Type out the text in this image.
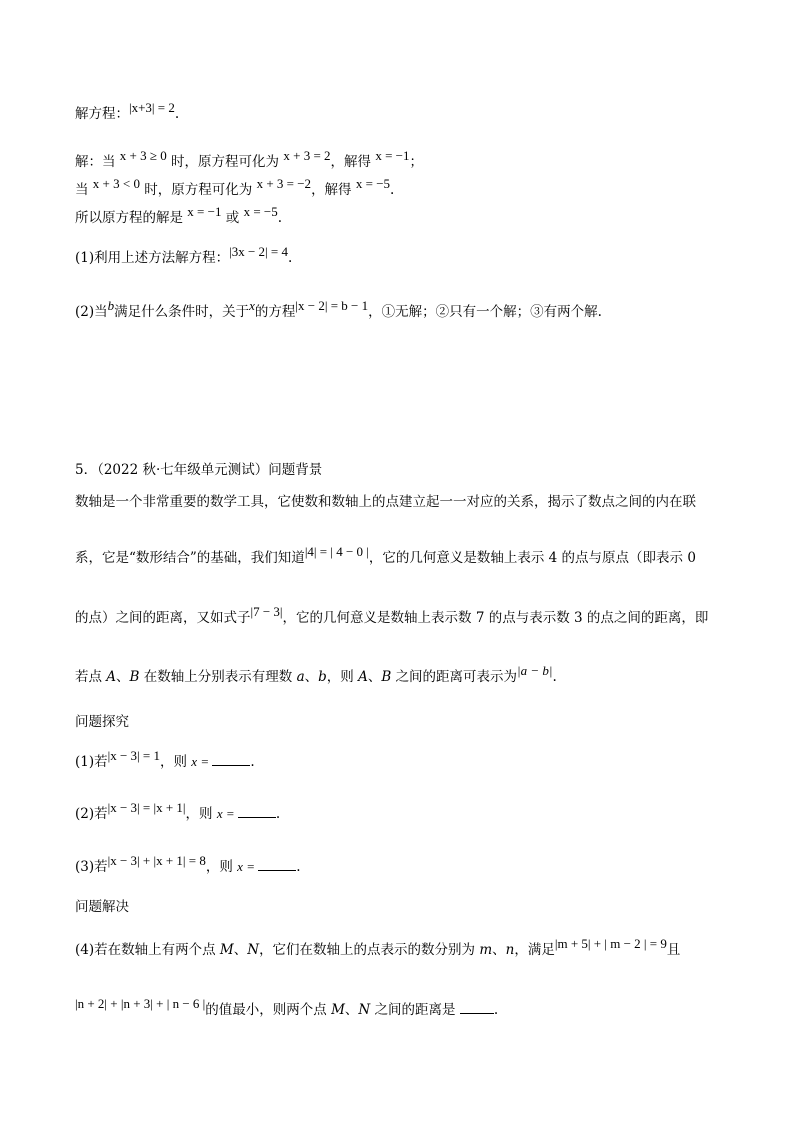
解方程：|x+3| = 2.
解：当 x + 3 ≥ 0 时，原方程可化为 x + 3 = 2，解得 x = −1；
当 x + 3 < 0 时，原方程可化为 x + 3 = −2，解得 x = −5.
所以原方程的解是 x = −1 或 x = −5.
(1)利用上述方法解方程：|3x − 2| = 4.
(2)当b满足什么条件时，关于x的方程|x − 2| = b − 1，①无解；②只有一个解；③有两个解.
5．（2022 秋·七年级单元测试）问题背景
数轴是一个非常重要的数学工具，它使数和数轴上的点建立起一一对应的关系，揭示了数点之间的内在联
系，它是“数形结合”的基础，我们知道|4| = | 4 − 0 |，它的几何意义是数轴上表示 4 的点与原点（即表示 0
的点）之间的距离，又如式子|7 − 3|，它的几何意义是数轴上表示数 7 的点与表示数 3 的点之间的距离，即
若点 A、B 在数轴上分别表示有理数 a、b，则 A、B 之间的距离可表示为|a − b|.
问题探究
(1)若|x − 3| = 1，则 x =	.
(2)若|x − 3| = |x + 1|，则 x =	.
(3)若|x − 3| + |x + 1| = 8，则 x =	.
问题解决
(4)若在数轴上有两个点 M、N，它们在数轴上的点表示的数分别为 m、n，满足|m + 5| + | m − 2 | = 9且
|n + 2| + |n + 3| + | n − 6 |的值最小，则两个点 M、N 之间的距离是	.
